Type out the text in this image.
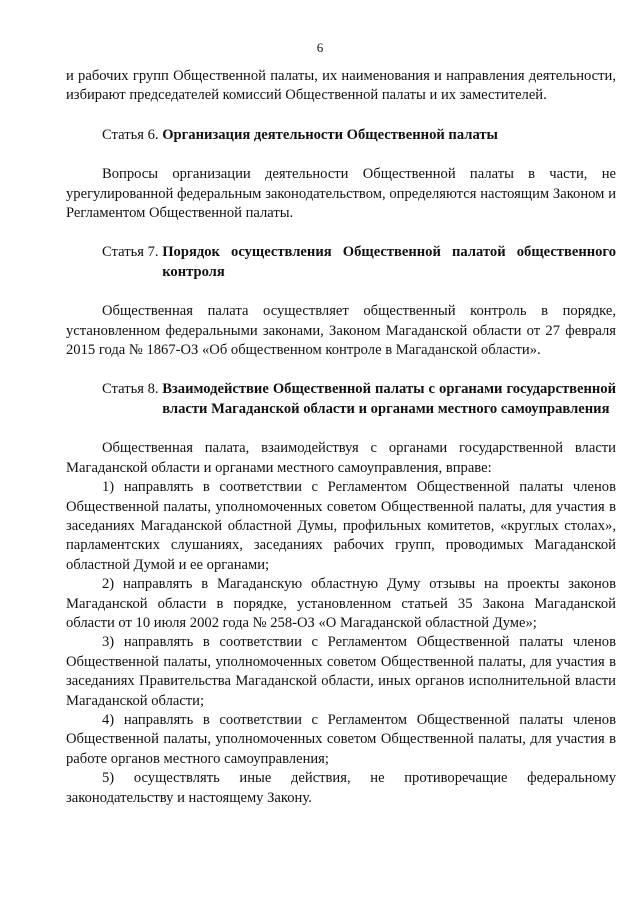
6

и рабочих групп Общественной палаты, их наименования и направления деятельности, избирают председателей комиссий Общественной палаты и их заместителей.

Статья 6. Организация деятельности Общественной палаты

Вопросы организации деятельности Общественной палаты в части, не урегулированной федеральным законодательством, определяются настоящим Законом и Регламентом Общественной палаты.

Статья 7. Порядок осуществления Общественной палатой общественного контроля

Общественная палата осуществляет общественный контроль в порядке, установленном федеральными законами, Законом Магаданской области от 27 февраля 2015 года № 1867-ОЗ «Об общественном контроле в Магаданской области».

Статья 8. Взаимодействие Общественной палаты с органами государственной власти Магаданской области и органами местного самоуправления

Общественная палата, взаимодействуя с органами государственной власти Магаданской области и органами местного самоуправления, вправе:

1) направлять в соответствии с Регламентом Общественной палаты членов Общественной палаты, уполномоченных советом Общественной палаты, для участия в заседаниях Магаданской областной Думы, профильных комитетов, «круглых столах», парламентских слушаниях, заседаниях рабочих групп, проводимых Магаданской областной Думой и ее органами;

2) направлять в Магаданскую областную Думу отзывы на проекты законов Магаданской области в порядке, установленном статьей 35 Закона Магаданской области от 10 июля 2002 года № 258-ОЗ «О Магаданской областной Думе»;

3) направлять в соответствии с Регламентом Общественной палаты членов Общественной палаты, уполномоченных советом Общественной палаты, для участия в заседаниях Правительства Магаданской области, иных органов исполнительной власти Магаданской области;

4) направлять в соответствии с Регламентом Общественной палаты членов Общественной палаты, уполномоченных советом Общественной палаты, для участия в работе органов местного самоуправления;

5) осуществлять иные действия, не противоречащие федеральному законодательству и настоящему Закону.
